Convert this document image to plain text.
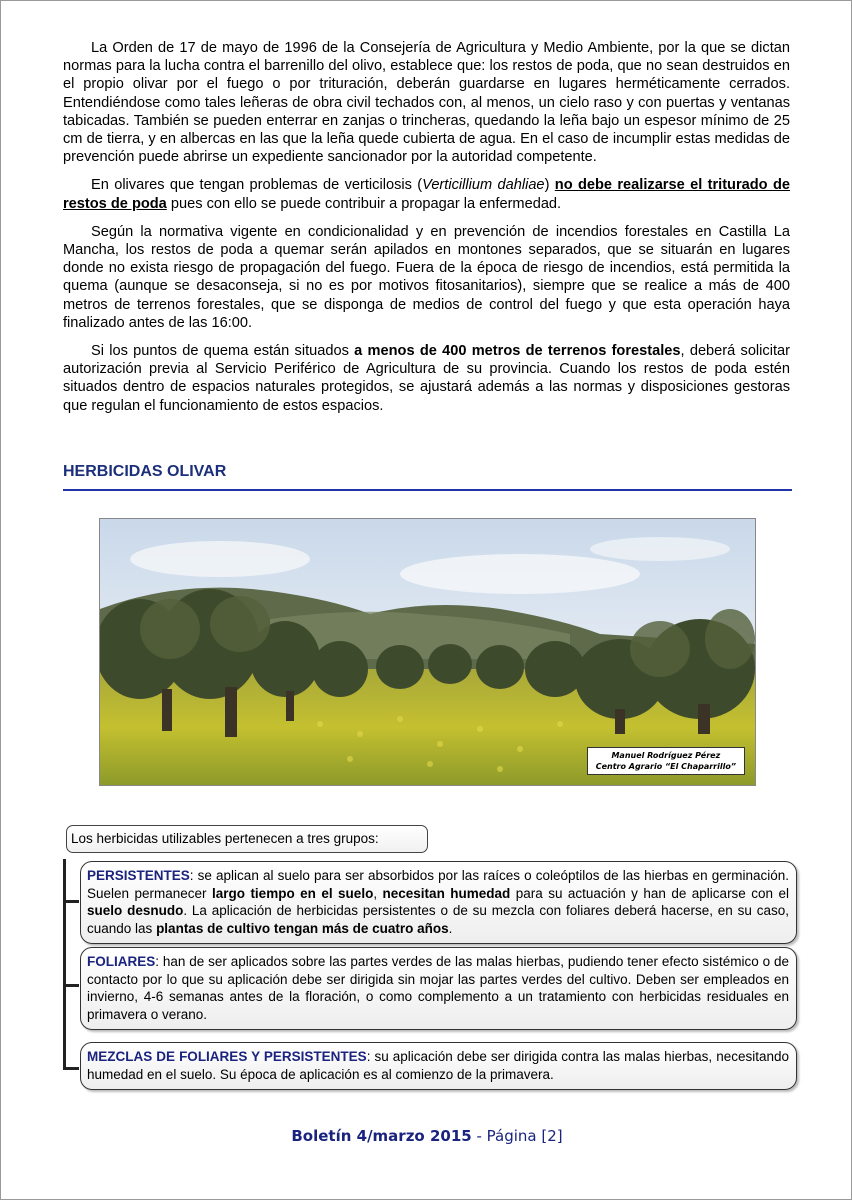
La Orden de 17 de mayo de 1996 de la Consejería de Agricultura y Medio Ambiente, por la que se dictan normas para la lucha contra el barrenillo del olivo, establece que: los restos de poda, que no sean destruidos en el propio olivar por el fuego o por trituración, deberán guardarse en lugares herméticamente cerrados. Entendiéndose como tales leñeras de obra civil techados con, al menos, un cielo raso y con puertas y ventanas tabicadas. También se pueden enterrar en zanjas o trincheras, quedando la leña bajo un espesor mínimo de 25 cm de tierra, y en albercas en las que la leña quede cubierta de agua. En el caso de incumplir estas medidas de prevención puede abrirse un expediente sancionador por la autoridad competente.

En olivares que tengan problemas de verticilosis (Verticillium dahliae) no debe realizarse el triturado de restos de poda pues con ello se puede contribuir a propagar la enfermedad.

Según la normativa vigente en condicionalidad y en prevención de incendios forestales en Castilla La Mancha, los restos de poda a quemar serán apilados en montones separados, que se situarán en lugares donde no exista riesgo de propagación del fuego. Fuera de la época de riesgo de incendios, está permitida la quema (aunque se desaconseja, si no es por motivos fitosanitarios), siempre que se realice a más de 400 metros de terrenos forestales, que se disponga de medios de control del fuego y que esta operación haya finalizado antes de las 16:00.

Si los puntos de quema están situados a menos de 400 metros de terrenos forestales, deberá solicitar autorización previa al Servicio Periférico de Agricultura de su provincia. Cuando los restos de poda estén situados dentro de espacios naturales protegidos, se ajustará además a las normas y disposiciones gestoras que regulan el funcionamiento de estos espacios.

HERBICIDAS OLIVAR
Manuel Rodríguez Pérez
Centro Agrario “El Chaparrillo”
Los herbicidas utilizables pertenecen a tres grupos:
PERSISTENTES: se aplican al suelo para ser absorbidos por las raíces o coleóptilos de las hierbas en germinación. Suelen permanecer largo tiempo en el suelo, necesitan humedad para su actuación y han de aplicarse con el suelo desnudo. La aplicación de herbicidas persistentes o de su mezcla con foliares deberá hacerse, en su caso, cuando las plantas de cultivo tengan más de cuatro años.
FOLIARES: han de ser aplicados sobre las partes verdes de las malas hierbas, pudiendo tener efecto sistémico o de contacto por lo que su aplicación debe ser dirigida sin mojar las partes verdes del cultivo. Deben ser empleados en invierno, 4-6 semanas antes de la floración, o como complemento a un tratamiento con herbicidas residuales en primavera o verano.
MEZCLAS DE FOLIARES Y PERSISTENTES: su aplicación debe ser dirigida contra las malas hierbas, necesitando humedad en el suelo. Su época de aplicación es al comienzo de la primavera.
Boletín 4/marzo 2015 - Página [2]
